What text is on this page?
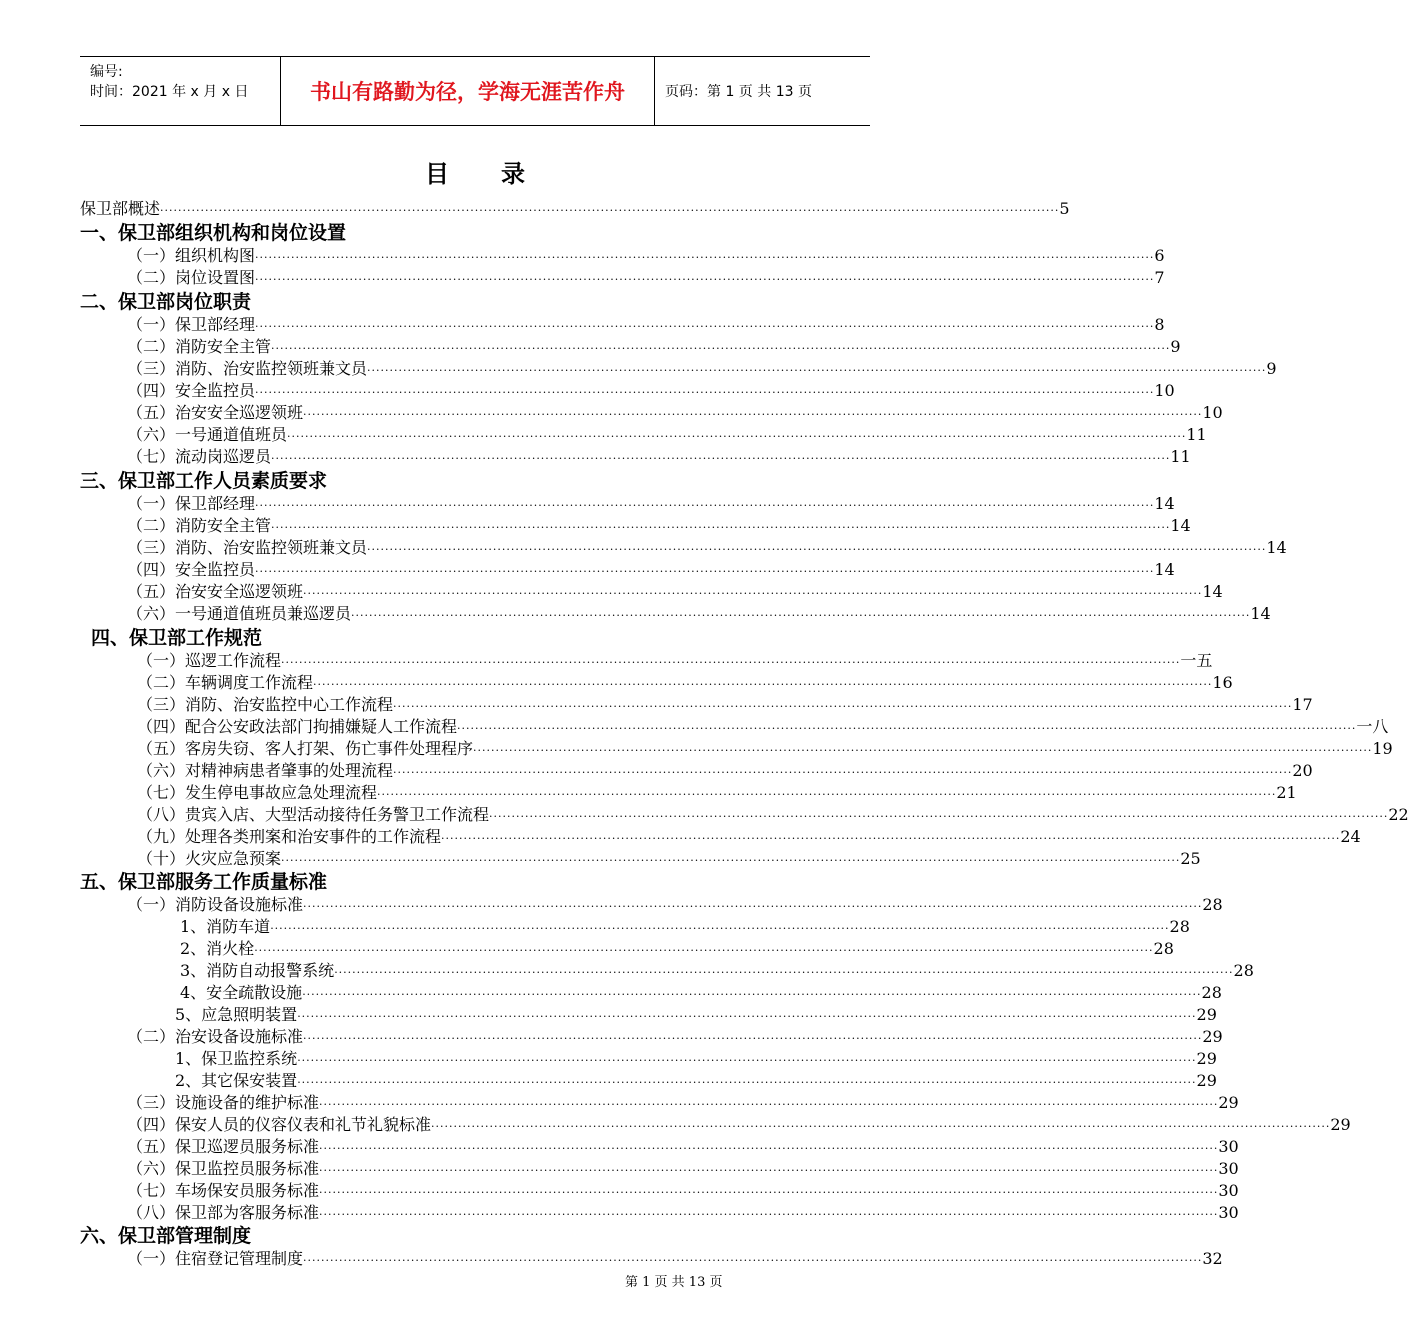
编号:
时间：2021 年 x 月 x 日	书山有路勤为径，学海无涯苦作舟	页码：第 1 页 共 13 页
目录
保卫部概述 ········································································································································································································ 5
一、保卫部组织机构和岗位设置
（一）组织机构图 ········································································································································································································ 6
（二）岗位设置图 ········································································································································································································ 7
二、保卫部岗位职责
（一）保卫部经理 ········································································································································································································ 8
（二）消防安全主管 ········································································································································································································ 9
（三）消防、治安监控领班兼文员 ········································································································································································································ 9
（四）安全监控员 ········································································································································································································ 10
（五）治安安全巡逻领班 ········································································································································································································ 10
（六）一号通道值班员 ········································································································································································································ 11
（七）流动岗巡逻员 ········································································································································································································ 11
三、保卫部工作人员素质要求
（一）保卫部经理 ········································································································································································································ 14
（二）消防安全主管 ········································································································································································································ 14
（三）消防、治安监控领班兼文员 ········································································································································································································ 14
（四）安全监控员 ········································································································································································································ 14
（五）治安安全巡逻领班 ········································································································································································································ 14
（六）一号通道值班员兼巡逻员 ········································································································································································································ 14
四、保卫部工作规范
（一）巡逻工作流程 ········································································································································································································ 一五
（二）车辆调度工作流程 ········································································································································································································ 16
（三）消防、治安监控中心工作流程 ········································································································································································································ 17
（四）配合公安政法部门拘捕嫌疑人工作流程 ········································································································································································································ 一八
（五）客房失窃、客人打架、伤亡事件处理程序 ········································································································································································································ 19
（六）对精神病患者肇事的处理流程 ········································································································································································································ 20
（七）发生停电事故应急处理流程 ········································································································································································································ 21
（八）贵宾入店、大型活动接待任务警卫工作流程 ········································································································································································································ 22
（九）处理各类刑案和治安事件的工作流程 ········································································································································································································ 24
（十）火灾应急预案 ········································································································································································································ 25
五、保卫部服务工作质量标准
（一）消防设备设施标准 ········································································································································································································ 28
1、消防车道 ········································································································································································································ 28
2、消火栓 ········································································································································································································ 28
3、消防自动报警系统 ········································································································································································································ 28
4、安全疏散设施 ········································································································································································································ 28
5、应急照明装置 ········································································································································································································ 29
（二）治安设备设施标准 ········································································································································································································ 29
1、保卫监控系统 ········································································································································································································ 29
2、其它保安装置 ········································································································································································································ 29
（三）设施设备的维护标准 ········································································································································································································ 29
（四）保安人员的仪容仪表和礼节礼貌标准 ········································································································································································································ 29
（五）保卫巡逻员服务标准 ········································································································································································································ 30
（六）保卫监控员服务标准 ········································································································································································································ 30
（七）车场保安员服务标准 ········································································································································································································ 30
（八）保卫部为客服务标准 ········································································································································································································ 30
六、保卫部管理制度
（一）住宿登记管理制度 ········································································································································································································ 32
第 1 页 共 13 页
